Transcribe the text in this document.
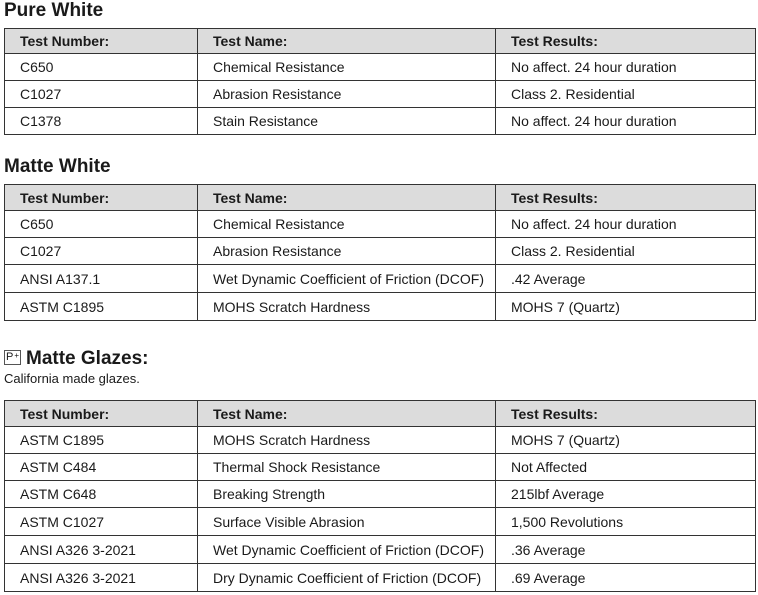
Pure White
Test Number:	Test Name:	Test Results:
C650	Chemical Resistance	No affect. 24 hour duration
C1027	Abrasion Resistance	Class 2. Residential
C1378	Stain Resistance	No affect. 24 hour duration
Matte White
Test Number:	Test Name:	Test Results:
C650	Chemical Resistance	No affect. 24 hour duration
C1027	Abrasion Resistance	Class 2. Residential
ANSI A137.1	Wet Dynamic Coefficient of Friction (DCOF)	.42 Average
ASTM C1895	MOHS Scratch Hardness	MOHS 7 (Quartz)
P + Matte Glazes:
California made glazes.
Test Number:	Test Name:	Test Results:
ASTM C1895	MOHS Scratch Hardness	MOHS 7 (Quartz)
ASTM C484	Thermal Shock Resistance	Not Affected
ASTM C648	Breaking Strength	215lbf Average
ASTM C1027	Surface Visible Abrasion	1,500 Revolutions
ANSI A326 3-2021	Wet Dynamic Coefficient of Friction (DCOF)	.36 Average
ANSI A326 3-2021	Dry Dynamic Coefficient of Friction (DCOF)	.69 Average
